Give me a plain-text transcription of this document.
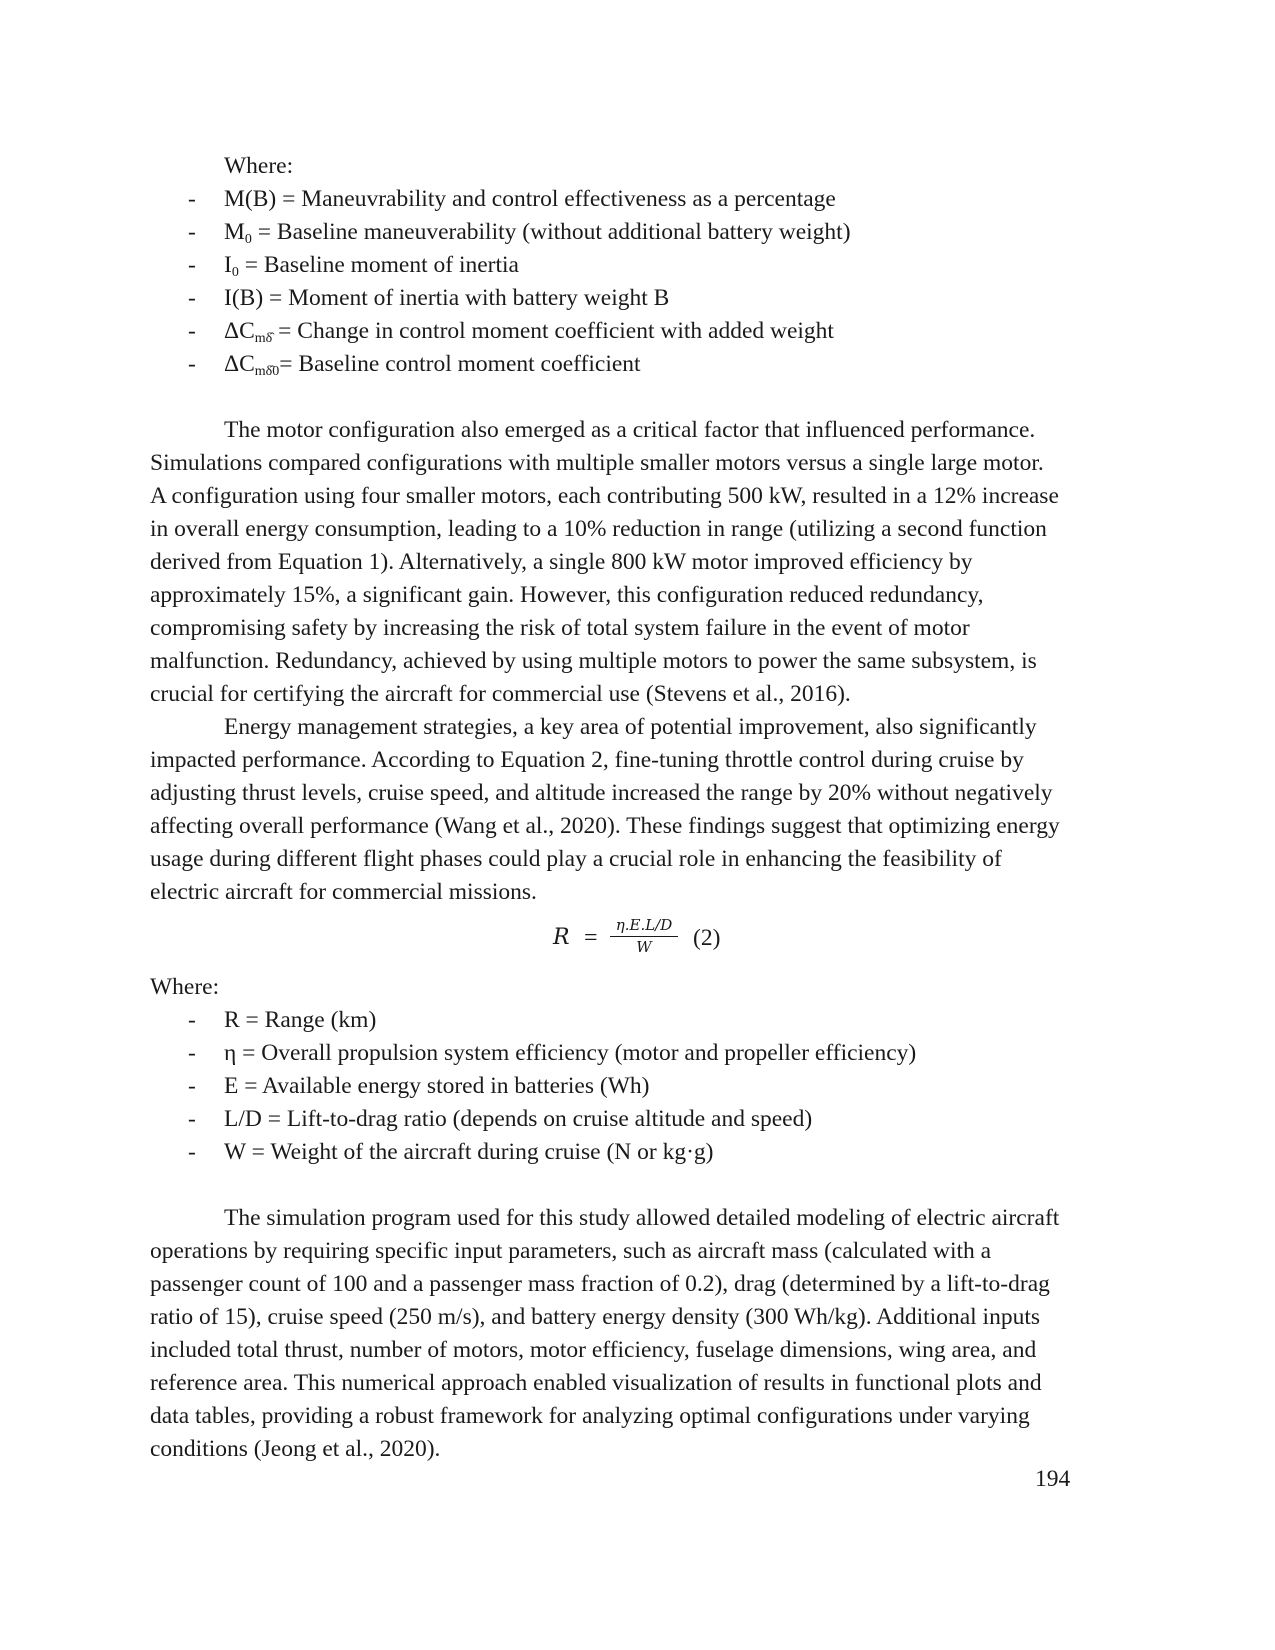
Where:
- M(B) = Maneuvrability and control effectiveness as a percentage
- $M_0$ = Baseline maneuverability (without additional battery weight)
- $I_0$ = Baseline moment of inertia
- I(B) = Moment of inertia with battery weight B
- $\Delta C_{m\deltâ}$ = Change in control moment coefficient with added weight
- $\Delta C_{m\deltâ0}=$ Baseline control moment coefficient
The motor configuration also emerged as a critical factor that influenced performance.
Simulations compared configurations with multiple smaller motors versus a single large motor.
A configuration using four smaller motors, each contributing 500 kW, resulted in a 12% increase
in overall energy consumption, leading to a 10% reduction in range (utilizing a second function
derived from Equation 1). Alternatively, a single 800 kW motor improved efficiency by
approximately 15%, a significant gain. However, this configuration reduced redundancy,
compromising safety by increasing the risk of total system failure in the event of motor
malfunction. Redundancy, achieved by using multiple motors to power the same subsystem, is
crucial for certifying the aircraft for commercial use (Stevens et al., 2016).
Energy management strategies, a key area of potential improvement, also significantly
impacted performance. According to Equation 2, fine-tuning throttle control during cruise by
adjusting thrust levels, cruise speed, and altitude increased the range by 20% without negatively
affecting overall performance (Wang et al., 2020). These findings suggest that optimizing energy
usage during different flight phases could play a crucial role in enhancing the feasibility of
electric aircraft for commercial missions.
$R = \frac{\eta.E.L/D}{W} (2)$
Where:
- R = Range (km)
- η = Overall propulsion system efficiency (motor and propeller efficiency)
- E = Available energy stored in batteries (Wh)
- L/D = Lift-to-drag ratio (depends on cruise altitude and speed)
- W = Weight of the aircraft during cruise (N or kg·g)
The simulation program used for this study allowed detailed modeling of electric aircraft
operations by requiring specific input parameters, such as aircraft mass (calculated with a
passenger count of 100 and a passenger mass fraction of 0.2), drag (determined by a lift-to-drag
ratio of 15), cruise speed (250 m/s), and battery energy density (300 Wh/kg). Additional inputs
included total thrust, number of motors, motor efficiency, fuselage dimensions, wing area, and
reference area. This numerical approach enabled visualization of results in functional plots and
data tables, providing a robust framework for analyzing optimal configurations under varying
conditions (Jeong et al., 2020).
194
